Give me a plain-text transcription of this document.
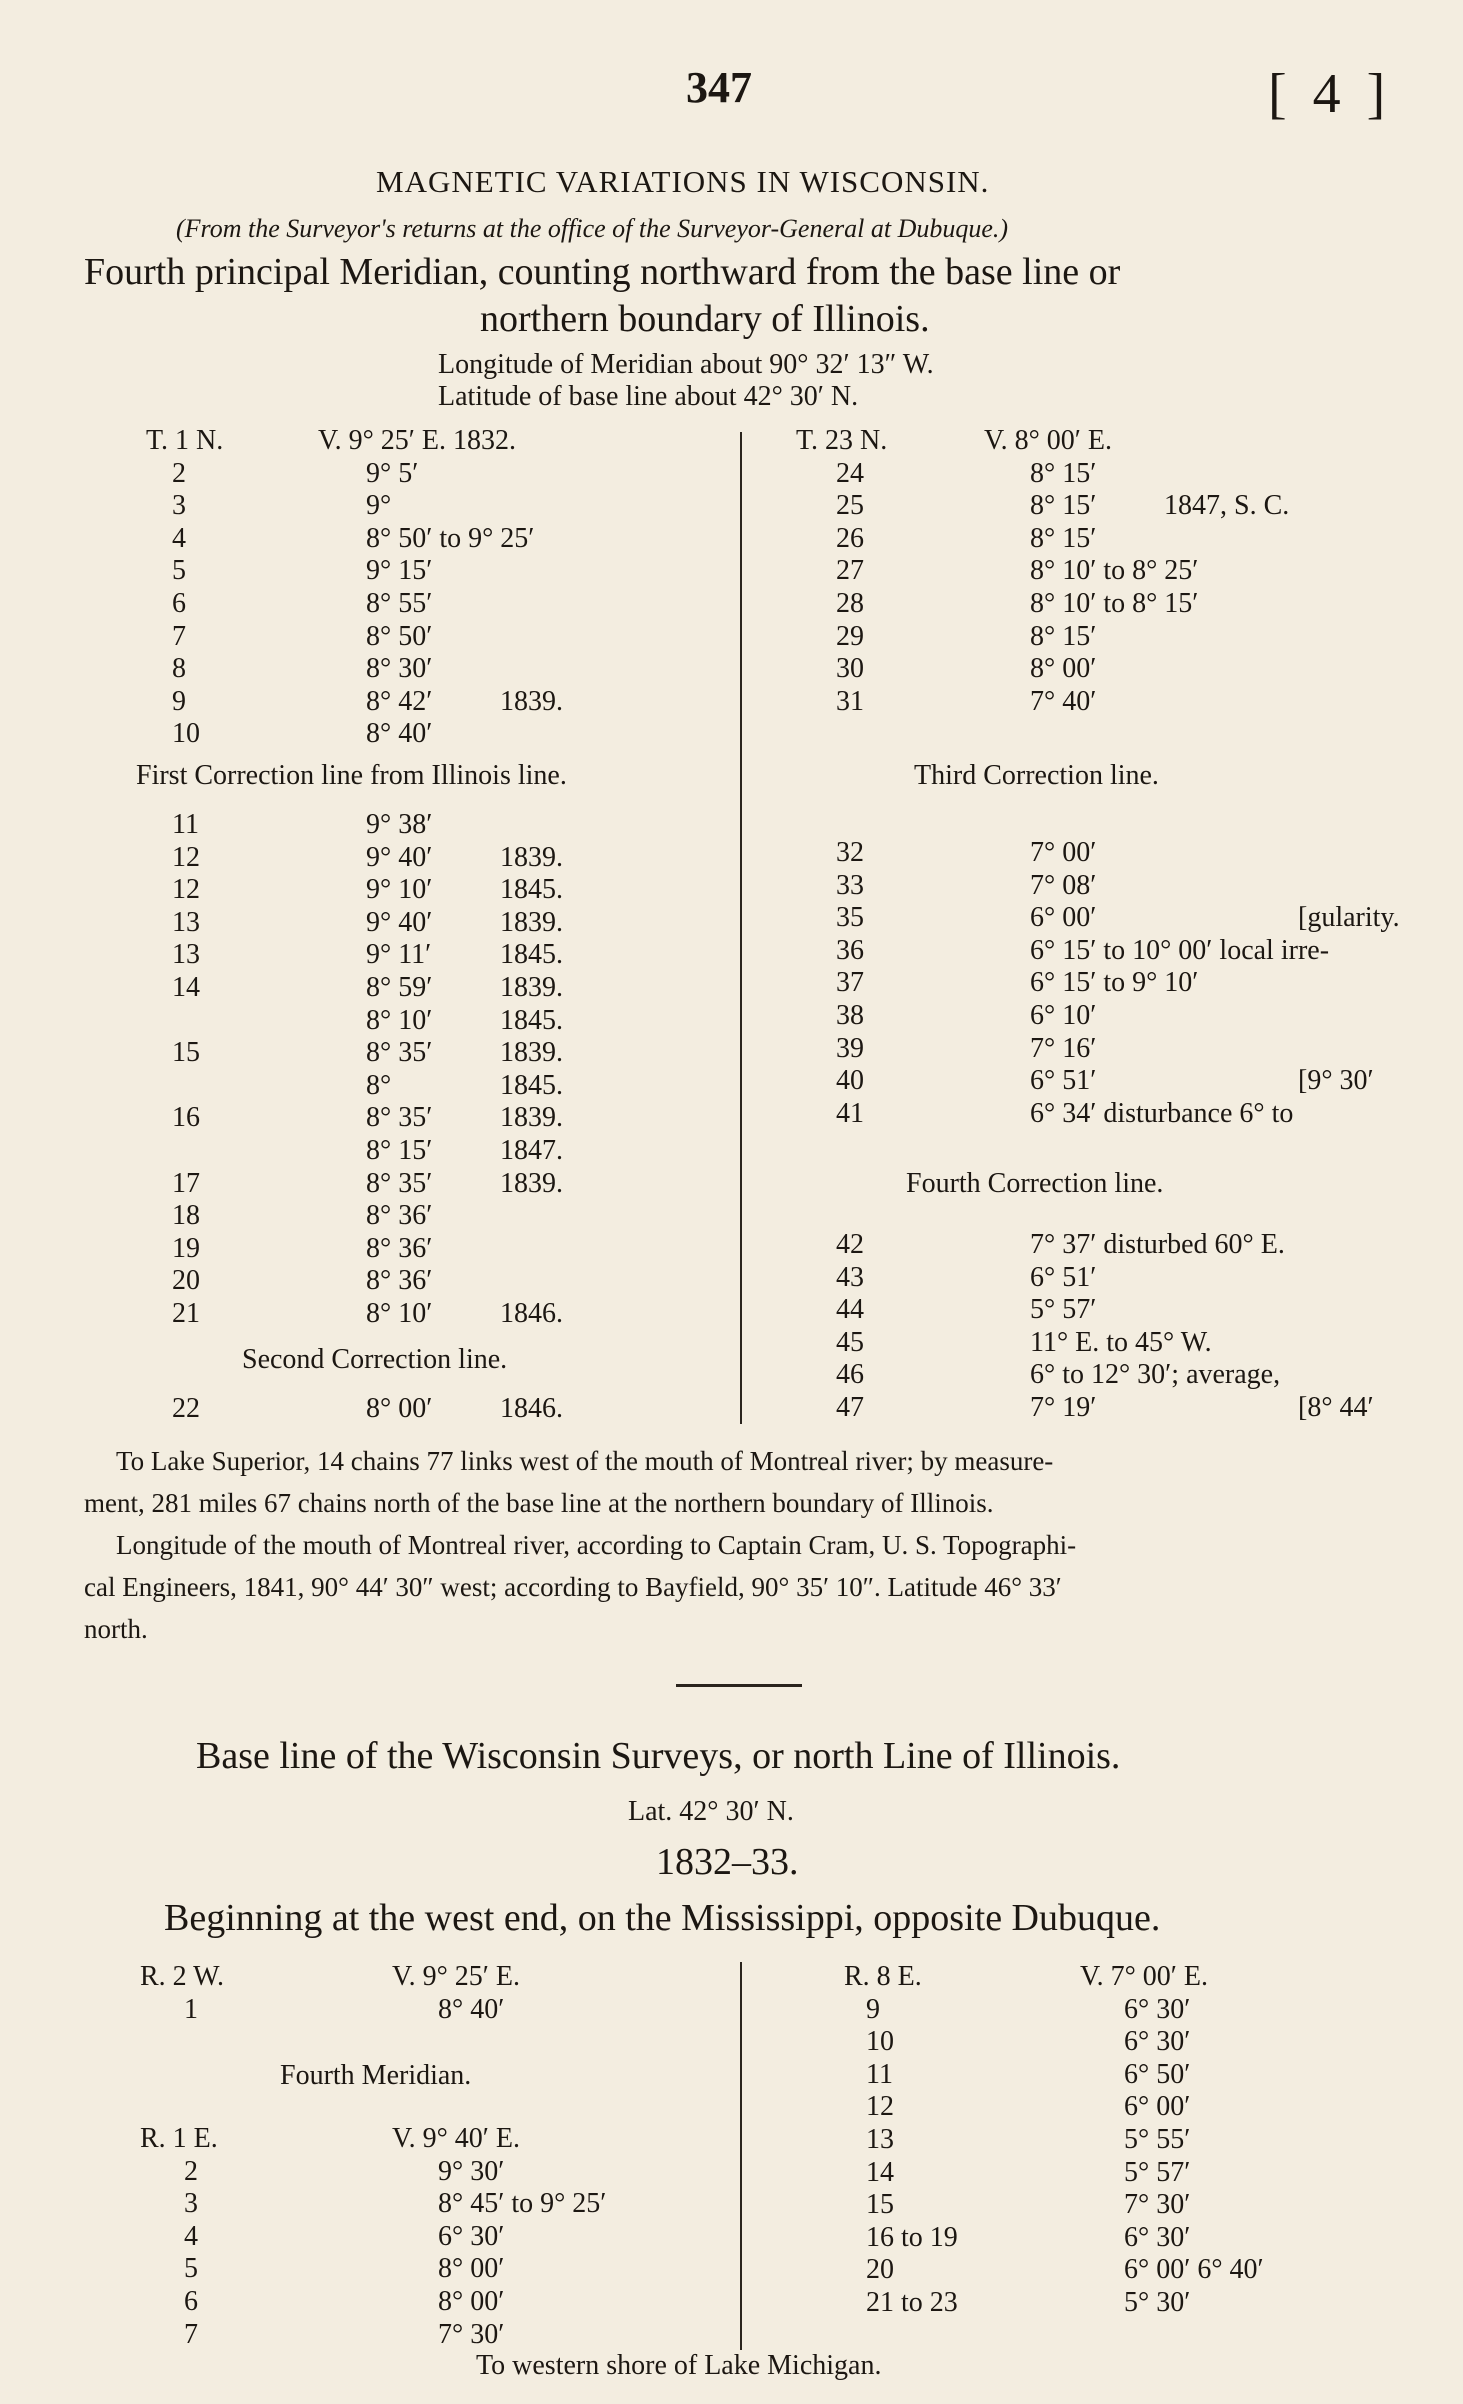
347	[ 4 ]
MAGNETIC VARIATIONS IN WISCONSIN.
(From the Surveyor's returns at the office of the Surveyor-General at Dubuque.)
Fourth principal Meridian, counting northward from the base line or
northern boundary of Illinois.
Longitude of Meridian about 90° 32′ 13″ W.
Latitude of base line about 42° 30′ N.
T. 1 N.	V. 9° 25′ E. 1832.
2	9° 5′
3	9°
4	8° 50′ to 9° 25′
5	9° 15′
6	8° 55′
7	8° 50′
8	8° 30′
9	8° 42′ 1839.
10	8° 40′
First Correction line from Illinois line.
11	9° 38′
12	9° 40′ 1839.
12	9° 10′ 1845.
13	9° 40′ 1839.
13	9° 11′ 1845.
14	8° 59′ 1839.
8° 10′ 1845.
15	8° 35′ 1839.
8°	1845.
16	8° 35′ 1839.
8° 15′ 1847.
17	8° 35′ 1839.
18	8° 36′
19	8° 36′
20	8° 36′
21	8° 10′ 1846.
Second Correction line.
22	8° 00′ 1846.
T. 23 N.	V. 8° 00′ E.
24	8° 15′
25	8° 15′ 1847, S. C.
26	8° 15′
27	8° 10′ to 8° 25′
28	8° 10′ to 8° 15′
29	8° 15′
30	8° 00′
31	7° 40′
Third Correction line.
32	7° 00′
33	7° 08′
35	6° 00′	[gularity.
36	6° 15′ to 10° 00′ local irre-
37	6° 15′ to 9° 10′
38	6° 10′
39	7° 16′
40	6° 51′	[9° 30′
41	6° 34′ disturbance 6° to
Fourth Correction line.
42	7° 37′ disturbed 60° E.
43	6° 51′
44	5° 57′
45	11° E. to 45° W.
46	6° to 12° 30′; average,
47	7° 19′	[8° 44′
To Lake Superior, 14 chains 77 links west of the mouth of Montreal river; by measure-
ment, 281 miles 67 chains north of the base line at the northern boundary of Illinois.
Longitude of the mouth of Montreal river, according to Captain Cram, U. S. Topographi-
cal Engineers, 1841, 90° 44′ 30″ west; according to Bayfield, 90° 35′ 10″. Latitude 46° 33′
north.
Base line of the Wisconsin Surveys, or north Line of Illinois.
Lat. 42° 30′ N.
1832–33.
Beginning at the west end, on the Mississippi, opposite Dubuque.
R. 2 W.	V. 9° 25′ E.
1	8° 40′
Fourth Meridian.
R. 1 E.	V. 9° 40′ E.
2	9° 30′
3	8° 45′ to 9° 25′
4	6° 30′
5	8° 00′
6	8° 00′
7	7° 30′
R. 8 E.	V. 7° 00′ E.
9	6° 30′
10	6° 30′
11	6° 50′
12	6° 00′
13	5° 55′
14	5° 57′
15	7° 30′
16 to 19	6° 30′
20	6° 00′ 6° 40′
21 to 23	5° 30′
To western shore of Lake Michigan.
